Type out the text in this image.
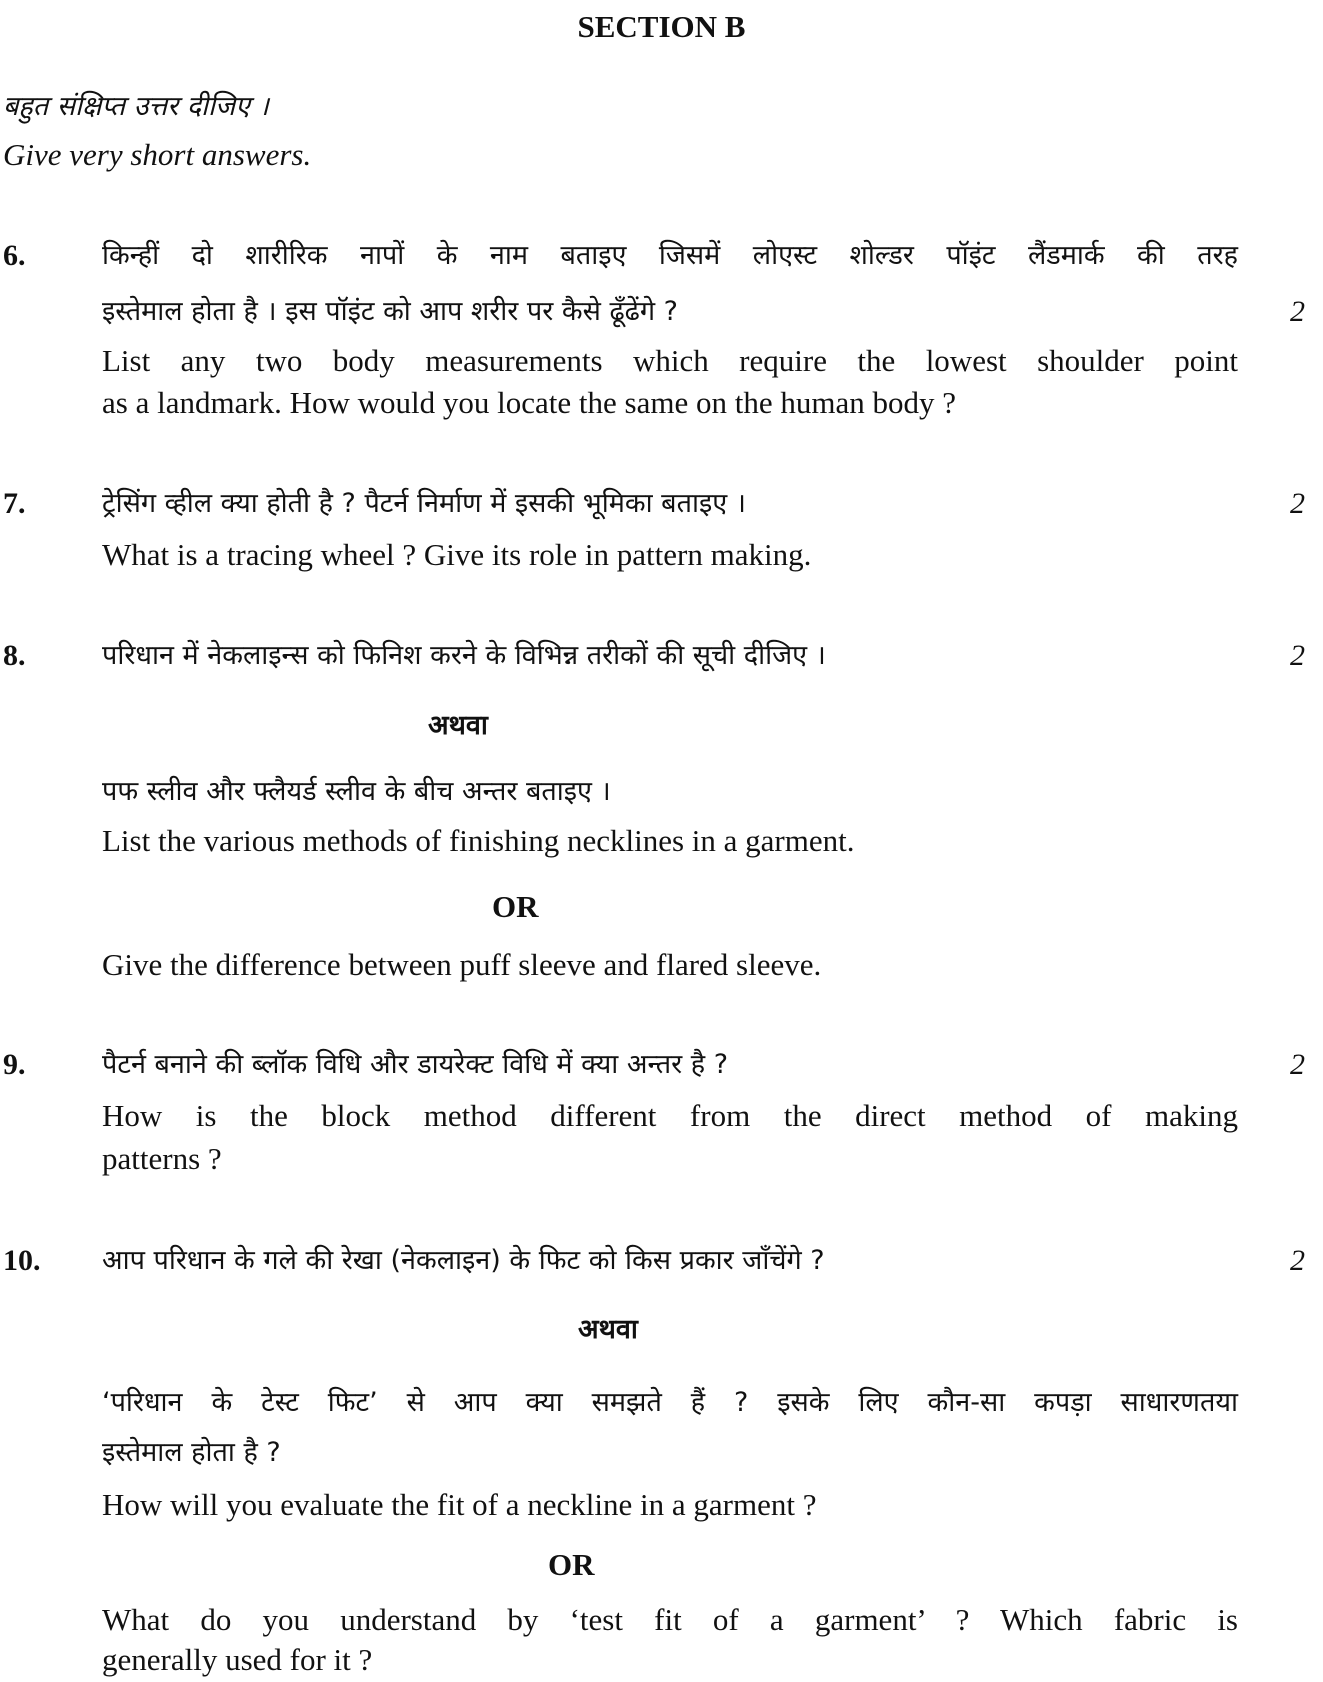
SECTION B
बहुत संक्षिप्त उत्तर दीजिए ।
Give very short answers.
6.	किन्हीं दो शारीरिक नापों के नाम बताइए जिसमें लोएस्ट शोल्डर पॉइंट लैंडमार्क की तरह
इस्तेमाल होता है । इस पॉइंट को आप शरीर पर कैसे ढूँढेंगे ?	2
List any two body measurements which require the lowest shoulder point
as a landmark. How would you locate the same on the human body ?
7.	ट्रेसिंग व्हील क्या होती है ? पैटर्न निर्माण में इसकी भूमिका बताइए ।	2
What is a tracing wheel ? Give its role in pattern making.
8.	परिधान में नेकलाइन्स को फिनिश करने के विभिन्न तरीकों की सूची दीजिए ।	2
अथवा
पफ स्लीव और फ्लैयर्ड स्लीव के बीच अन्तर बताइए ।
List the various methods of finishing necklines in a garment.
OR
Give the difference between puff sleeve and flared sleeve.
9.	पैटर्न बनाने की ब्लॉक विधि और डायरेक्ट विधि में क्या अन्तर है ?	2
How is the block method different from the direct method of making
patterns ?
10. आप परिधान के गले की रेखा (नेकलाइन) के फिट को किस प्रकार जाँचेंगे ?	2
अथवा
‘परिधान के टेस्ट फिट’ से आप क्या समझते हैं ? इसके लिए कौन-सा कपड़ा साधारणतया
इस्तेमाल होता है ?
How will you evaluate the fit of a neckline in a garment ?
OR
What do you understand by ‘test fit of a garment’ ? Which fabric is
generally used for it ?
